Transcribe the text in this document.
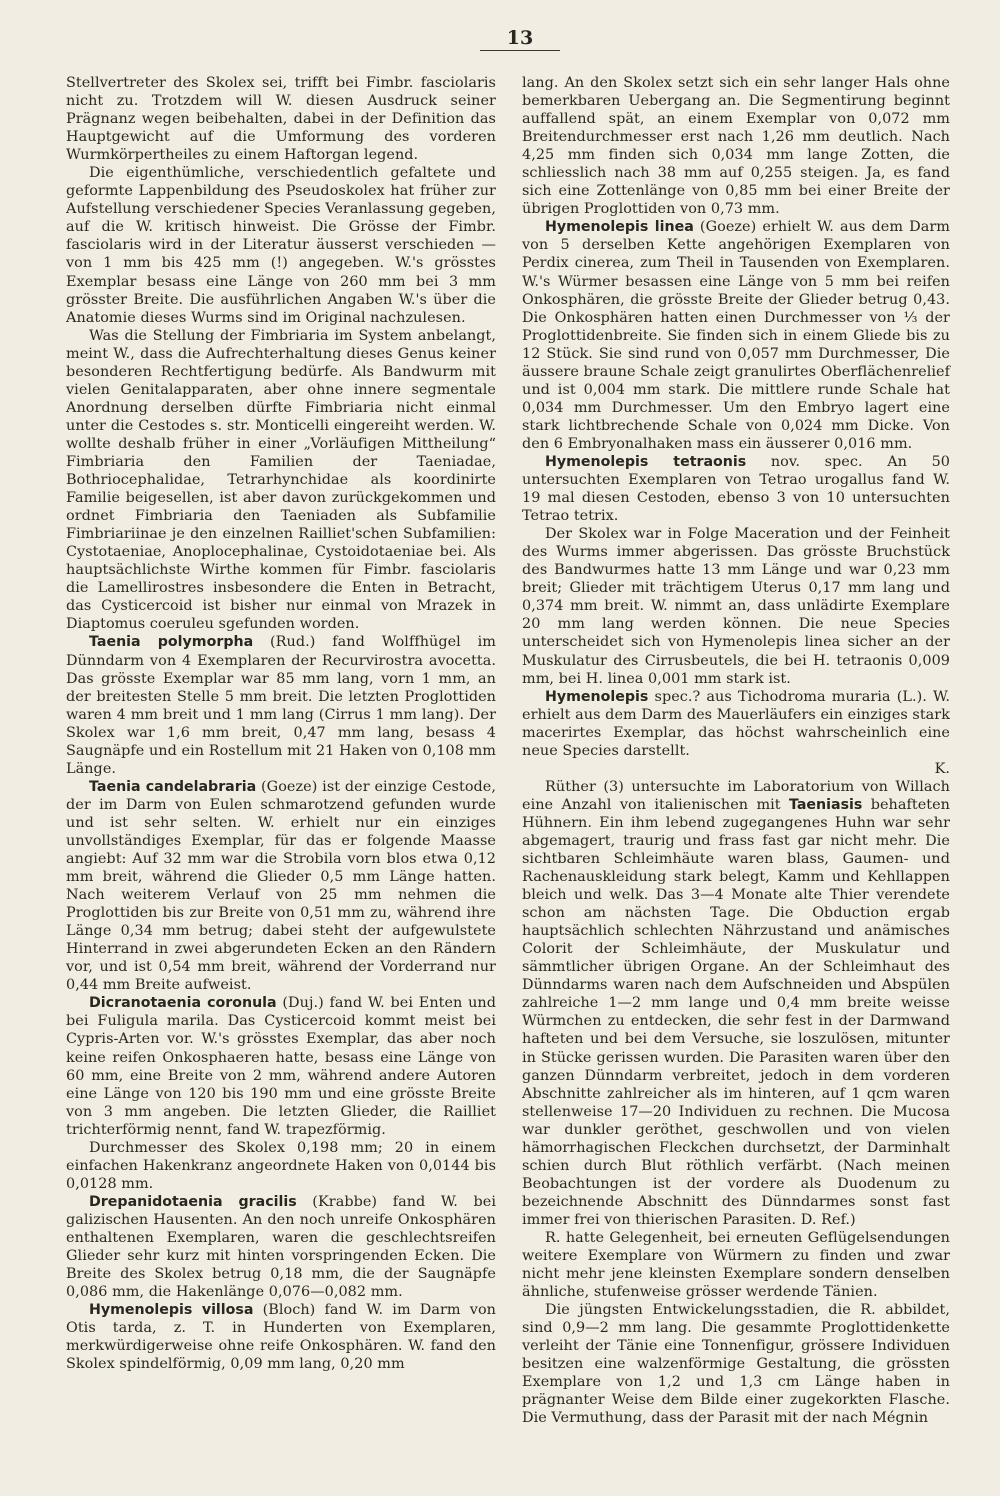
13

Stellvertreter des Skolex sei, trifft bei Fimbr. fasciolaris nicht zu. Trotzdem will W. diesen Ausdruck seiner Prägnanz wegen beibehalten, dabei in der Definition das Hauptgewicht auf die Umformung des vorderen Wurmkörpertheiles zu einem Haftorgan legend.

Die eigenthümliche, verschiedentlich gefaltete und geformte Lappenbildung des Pseudoskolex hat früher zur Aufstellung verschiedener Species Veranlassung gegeben, auf die W. kritisch hinweist. Die Grösse der Fimbr. fasciolaris wird in der Literatur äusserst verschieden — von 1 mm bis 425 mm (!) angegeben. W.'s grösstes Exemplar besass eine Länge von 260 mm bei 3 mm grösster Breite. Die ausführlichen Angaben W.'s über die Anatomie dieses Wurms sind im Original nachzulesen.

Was die Stellung der Fimbriaria im System anbelangt, meint W., dass die Aufrechterhaltung dieses Genus keiner besonderen Rechtfertigung bedürfe. Als Bandwurm mit vielen Genitalapparaten, aber ohne innere segmentale Anordnung derselben dürfte Fimbriaria nicht einmal unter die Cestodes s. str. Monticelli eingereiht werden. W. wollte deshalb früher in einer „Vorläufigen Mittheilung“ Fimbriaria den Familien der Taeniadae, Bothriocephalidae, Tetrarhynchidae als koordinirte Familie beigesellen, ist aber davon zurückgekommen und ordnet Fimbriaria den Taeniaden als Subfamilie Fimbriariinae je den einzelnen Railliet'schen Subfamilien: Cystotaeniae, Anoplocephalinae, Cystoidotaeniae bei. Als hauptsächlichste Wirthe kommen für Fimbr. fasciolaris die Lamellirostres insbesondere die Enten in Betracht, das Cysticercoid ist bisher nur einmal von Mrazek in Diaptomus coeruleu sgefunden worden.

Taenia polymorpha (Rud.) fand Wolffhügel im Dünndarm von 4 Exemplaren der Recurvirostra avocetta. Das grösste Exemplar war 85 mm lang, vorn 1 mm, an der breitesten Stelle 5 mm breit. Die letzten Proglottiden waren 4 mm breit und 1 mm lang (Cirrus 1 mm lang). Der Skolex war 1,6 mm breit, 0,47 mm lang, besass 4 Saugnäpfe und ein Rostellum mit 21 Haken von 0,108 mm Länge.

Taenia candelabraria (Goeze) ist der einzige Cestode, der im Darm von Eulen schmarotzend gefunden wurde und ist sehr selten. W. erhielt nur ein einziges unvollständiges Exemplar, für das er folgende Maasse angiebt: Auf 32 mm war die Strobila vorn blos etwa 0,12 mm breit, während die Glieder 0,5 mm Länge hatten. Nach weiterem Verlauf von 25 mm nehmen die Proglottiden bis zur Breite von 0,51 mm zu, während ihre Länge 0,34 mm betrug; dabei steht der aufgewulstete Hinterrand in zwei abgerundeten Ecken an den Rändern vor, und ist 0,54 mm breit, während der Vorderrand nur 0,44 mm Breite aufweist.

Dicranotaenia coronula (Duj.) fand W. bei Enten und bei Fuligula marila. Das Cysticercoid kommt meist bei Cypris-Arten vor. W.'s grösstes Exemplar, das aber noch keine reifen Onkosphaeren hatte, besass eine Länge von 60 mm, eine Breite von 2 mm, während andere Autoren eine Länge von 120 bis 190 mm und eine grösste Breite von 3 mm angeben. Die letzten Glieder, die Railliet trichterförmig nennt, fand W. trapezförmig.

Durchmesser des Skolex 0,198 mm; 20 in einem einfachen Hakenkranz angeordnete Haken von 0,0144 bis 0,0128 mm.

Drepanidotaenia gracilis (Krabbe) fand W. bei galizischen Hausenten. An den noch unreife Onkosphären enthaltenen Exemplaren, waren die geschlechtsreifen Glieder sehr kurz mit hinten vorspringenden Ecken. Die Breite des Skolex betrug 0,18 mm, die der Saugnäpfe 0,086 mm, die Hakenlänge 0,076—0,082 mm.

Hymenolepis villosa (Bloch) fand W. im Darm von Otis tarda, z. T. in Hunderten von Exemplaren, merkwürdigerweise ohne reife Onkosphären. W. fand den Skolex spindelförmig, 0,09 mm lang, 0,20 mm

lang. An den Skolex setzt sich ein sehr langer Hals ohne bemerkbaren Uebergang an. Die Segmentirung beginnt auffallend spät, an einem Exemplar von 0,072 mm Breitendurchmesser erst nach 1,26 mm deutlich. Nach 4,25 mm finden sich 0,034 mm lange Zotten, die schliesslich nach 38 mm auf 0,255 steigen. Ja, es fand sich eine Zottenlänge von 0,85 mm bei einer Breite der übrigen Proglottiden von 0,73 mm.

Hymenolepis linea (Goeze) erhielt W. aus dem Darm von 5 derselben Kette angehörigen Exemplaren von Perdix cinerea, zum Theil in Tausenden von Exemplaren. W.'s Würmer besassen eine Länge von 5 mm bei reifen Onkosphären, die grösste Breite der Glieder betrug 0,43. Die Onkosphären hatten einen Durchmesser von ⅓ der Proglottidenbreite. Sie finden sich in einem Gliede bis zu 12 Stück. Sie sind rund von 0,057 mm Durchmesser, Die äussere braune Schale zeigt granulirtes Oberflächenrelief und ist 0,004 mm stark. Die mittlere runde Schale hat 0,034 mm Durchmesser. Um den Embryo lagert eine stark lichtbrechende Schale von 0,024 mm Dicke. Von den 6 Embryonalhaken mass ein äusserer 0,016 mm.

Hymenolepis tetraonis nov. spec. An 50 untersuchten Exemplaren von Tetrao urogallus fand W. 19 mal diesen Cestoden, ebenso 3 von 10 untersuchten Tetrao tetrix.

Der Skolex war in Folge Maceration und der Feinheit des Wurms immer abgerissen. Das grösste Bruchstück des Bandwurmes hatte 13 mm Länge und war 0,23 mm breit; Glieder mit trächtigem Uterus 0,17 mm lang und 0,374 mm breit. W. nimmt an, dass unlädirte Exemplare 20 mm lang werden können. Die neue Species unterscheidet sich von Hymenolepis linea sicher an der Muskulatur des Cirrusbeutels, die bei H. tetraonis 0,009 mm, bei H. linea 0,001 mm stark ist.

Hymenolepis spec.? aus Tichodroma muraria (L.). W. erhielt aus dem Darm des Mauerläufers ein einziges stark macerirtes Exemplar, das höchst wahrscheinlich eine neue Species darstellt.

K.

Rüther (3) untersuchte im Laboratorium von Willach eine Anzahl von italienischen mit Taeniasis behafteten Hühnern. Ein ihm lebend zugegangenes Huhn war sehr abgemagert, traurig und frass fast gar nicht mehr. Die sichtbaren Schleimhäute waren blass, Gaumen- und Rachenauskleidung stark belegt, Kamm und Kehllappen bleich und welk. Das 3—4 Monate alte Thier verendete schon am nächsten Tage. Die Obduction ergab hauptsächlich schlechten Nährzustand und anämisches Colorit der Schleimhäute, der Muskulatur und sämmtlicher übrigen Organe. An der Schleimhaut des Dünndarms waren nach dem Aufschneiden und Abspülen zahlreiche 1—2 mm lange und 0,4 mm breite weisse Würmchen zu entdecken, die sehr fest in der Darmwand hafteten und bei dem Versuche, sie loszulösen, mitunter in Stücke gerissen wurden. Die Parasiten waren über den ganzen Dünndarm verbreitet, jedoch in dem vorderen Abschnitte zahlreicher als im hinteren, auf 1 qcm waren stellenweise 17—20 Individuen zu rechnen. Die Mucosa war dunkler geröthet, geschwollen und von vielen hämorrhagischen Fleckchen durchsetzt, der Darminhalt schien durch Blut röthlich verfärbt. (Nach meinen Beobachtungen ist der vordere als Duodenum zu bezeichnende Abschnitt des Dünndarmes sonst fast immer frei von thierischen Parasiten. D. Ref.)

R. hatte Gelegenheit, bei erneuten Geflügelsendungen weitere Exemplare von Würmern zu finden und zwar nicht mehr jene kleinsten Exemplare sondern denselben ähnliche, stufenweise grösser werdende Tänien.

Die jüngsten Entwickelungsstadien, die R. abbildet, sind 0,9—2 mm lang. Die gesammte Proglottidenkette verleiht der Tänie eine Tonnenfigur, grössere Individuen besitzen eine walzenförmige Gestaltung, die grössten Exemplare von 1,2 und 1,3 cm Länge haben in prägnanter Weise dem Bilde einer zugekorkten Flasche. Die Vermuthung, dass der Parasit mit der nach Mégnin
